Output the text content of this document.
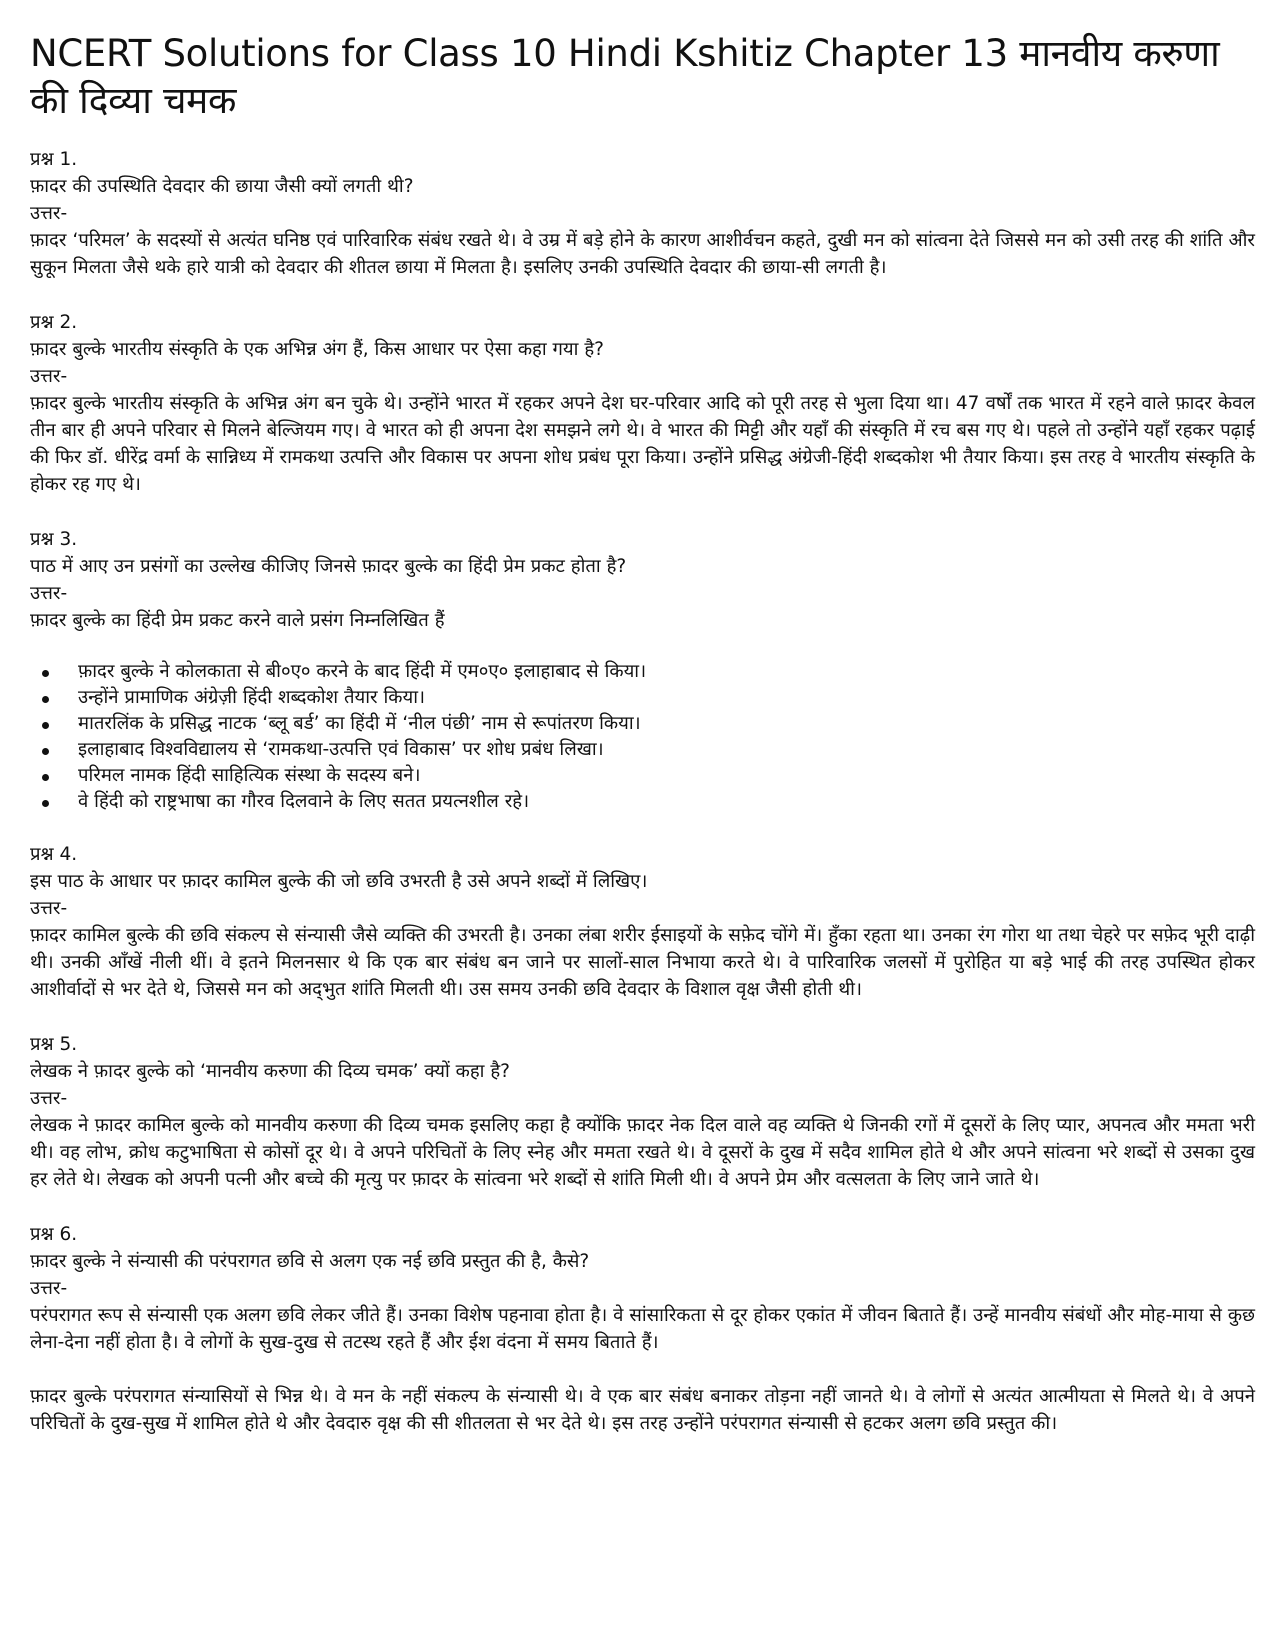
NCERT Solutions for Class 10 Hindi Kshitiz Chapter 13 मानवीय करुणा की दिव्या चमक

प्रश्न 1.

फ़ादर की उपस्थिति देवदार की छाया जैसी क्यों लगती थी?

उत्तर-

फ़ादर ‘परिमल’ के सदस्यों से अत्यंत घनिष्ठ एवं पारिवारिक संबंध रखते थे। वे उम्र में बड़े होने के कारण आशीर्वचन कहते, दुखी मन को सांत्वना देते जिससे मन को उसी तरह की शांति और सुकून मिलता जैसे थके हारे यात्री को देवदार की शीतल छाया में मिलता है। इसलिए उनकी उपस्थिति देवदार की छाया-सी लगती है।

प्रश्न 2.

फ़ादर बुल्के भारतीय संस्कृति के एक अभिन्न अंग हैं, किस आधार पर ऐसा कहा गया है?

उत्तर-

फ़ादर बुल्के भारतीय संस्कृति के अभिन्न अंग बन चुके थे। उन्होंने भारत में रहकर अपने देश घर-परिवार आदि को पूरी तरह से भुला दिया था। 47 वर्षों तक भारत में रहने वाले फ़ादर केवल तीन बार ही अपने परिवार से मिलने बेल्जियम गए। वे भारत को ही अपना देश समझने लगे थे। वे भारत की मिट्टी और यहाँ की संस्कृति में रच बस गए थे। पहले तो उन्होंने यहाँ रहकर पढ़ाई की फिर डॉ. धीरेंद्र वर्मा के सान्निध्य में रामकथा उत्पत्ति और विकास पर अपना शोध प्रबंध पूरा किया। उन्होंने प्रसिद्ध अंग्रेजी-हिंदी शब्दकोश भी तैयार किया। इस तरह वे भारतीय संस्कृति के होकर रह गए थे।

प्रश्न 3.

पाठ में आए उन प्रसंगों का उल्लेख कीजिए जिनसे फ़ादर बुल्के का हिंदी प्रेम प्रकट होता है?

उत्तर-

फ़ादर बुल्के का हिंदी प्रेम प्रकट करने वाले प्रसंग निम्नलिखित हैं

फ़ादर बुल्के ने कोलकाता से बी०ए० करने के बाद हिंदी में एम०ए० इलाहाबाद से किया।
उन्होंने प्रामाणिक अंग्रेज़ी हिंदी शब्दकोश तैयार किया।
मातरलिंक के प्रसिद्ध नाटक ‘ब्लू बर्ड’ का हिंदी में ‘नील पंछी’ नाम से रूपांतरण किया।
इलाहाबाद विश्वविद्यालय से ‘रामकथा-उत्पत्ति एवं विकास’ पर शोध प्रबंध लिखा।
परिमल नामक हिंदी साहित्यिक संस्था के सदस्य बने।
वे हिंदी को राष्ट्रभाषा का गौरव दिलवाने के लिए सतत प्रयत्नशील रहे।

प्रश्न 4.

इस पाठ के आधार पर फ़ादर कामिल बुल्के की जो छवि उभरती है उसे अपने शब्दों में लिखिए।

उत्तर-

फ़ादर कामिल बुल्के की छवि संकल्प से संन्यासी जैसे व्यक्ति की उभरती है। उनका लंबा शरीर ईसाइयों के सफ़ेद चोंगे में। हुँका रहता था। उनका रंग गोरा था तथा चेहरे पर सफ़ेद भूरी दाढ़ी थी। उनकी आँखें नीली थीं। वे इतने मिलनसार थे कि एक बार संबंध बन जाने पर सालों-साल निभाया करते थे। वे पारिवारिक जलसों में पुरोहित या बड़े भाई की तरह उपस्थित होकर आशीर्वादों से भर देते थे, जिससे मन को अद्‌भुत शांति मिलती थी। उस समय उनकी छवि देवदार के विशाल वृक्ष जैसी होती थी।

प्रश्न 5.

लेखक ने फ़ादर बुल्के को ‘मानवीय करुणा की दिव्य चमक’ क्यों कहा है?

उत्तर-

लेखक ने फ़ादर कामिल बुल्के को मानवीय करुणा की दिव्य चमक इसलिए कहा है क्योंकि फ़ादर नेक दिल वाले वह व्यक्ति थे जिनकी रगों में दूसरों के लिए प्यार, अपनत्व और ममता भरी थी। वह लोभ, क्रोध कटुभाषिता से कोसों दूर थे। वे अपने परिचितों के लिए स्नेह और ममता रखते थे। वे दूसरों के दुख में सदैव शामिल होते थे और अपने सांत्वना भरे शब्दों से उसका दुख हर लेते थे। लेखक को अपनी पत्नी और बच्चे की मृत्यु पर फ़ादर के सांत्वना भरे शब्दों से शांति मिली थी। वे अपने प्रेम और वत्सलता के लिए जाने जाते थे।

प्रश्न 6.

फ़ादर बुल्के ने संन्यासी की परंपरागत छवि से अलग एक नई छवि प्रस्तुत की है, कैसे?

उत्तर-

परंपरागत रूप से संन्यासी एक अलग छवि लेकर जीते हैं। उनका विशेष पहनावा होता है। वे सांसारिकता से दूर होकर एकांत में जीवन बिताते हैं। उन्हें मानवीय संबंधों और मोह-माया से कुछ लेना-देना नहीं होता है। वे लोगों के सुख-दुख से तटस्थ रहते हैं और ईश वंदना में समय बिताते हैं।

फ़ादर बुल्के परंपरागत संन्यासियों से भिन्न थे। वे मन के नहीं संकल्प के संन्यासी थे। वे एक बार संबंध बनाकर तोड़ना नहीं जानते थे। वे लोगों से अत्यंत आत्मीयता से मिलते थे। वे अपने परिचितों के दुख-सुख में शामिल होते थे और देवदारु वृक्ष की सी शीतलता से भर देते थे। इस तरह उन्होंने परंपरागत संन्यासी से हटकर अलग छवि प्रस्तुत की।
